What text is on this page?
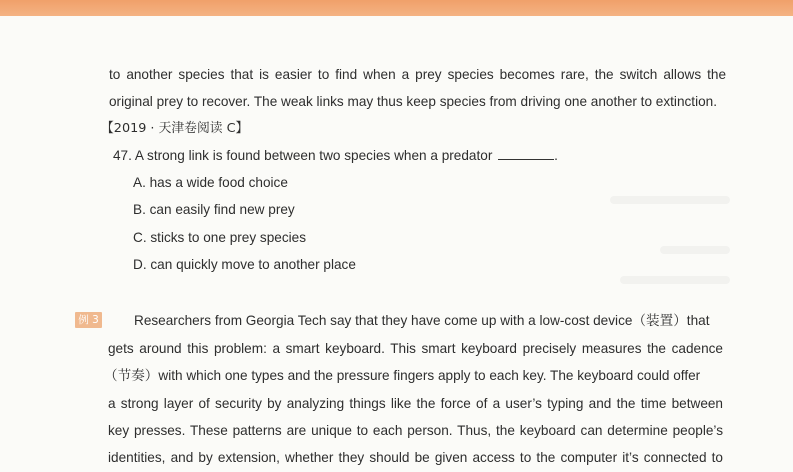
to another species that is easier to find when a prey species becomes rare, the switch allows the
original prey to recover. The weak links may thus keep species from driving one another to extinction.
【2019 · 天津卷阅读 C】
47. A strong link is found between two species when a predator	.
A. has a wide food choice
B. can easily find new prey
C. sticks to one prey species
D. can quickly move to another place
例 3	Researchers from Georgia Tech say that they have come up with a low-cost device（装置）that
gets around this problem: a smart keyboard. This smart keyboard precisely measures the cadence
（节奏）with which one types and the pressure fingers apply to each key. The keyboard could offer
a strong layer of security by analyzing things like the force of a user’s typing and the time between
key presses. These patterns are unique to each person. Thus, the keyboard can determine people’s
identities, and by extension, whether they should be given access to the computer it’s connected to
